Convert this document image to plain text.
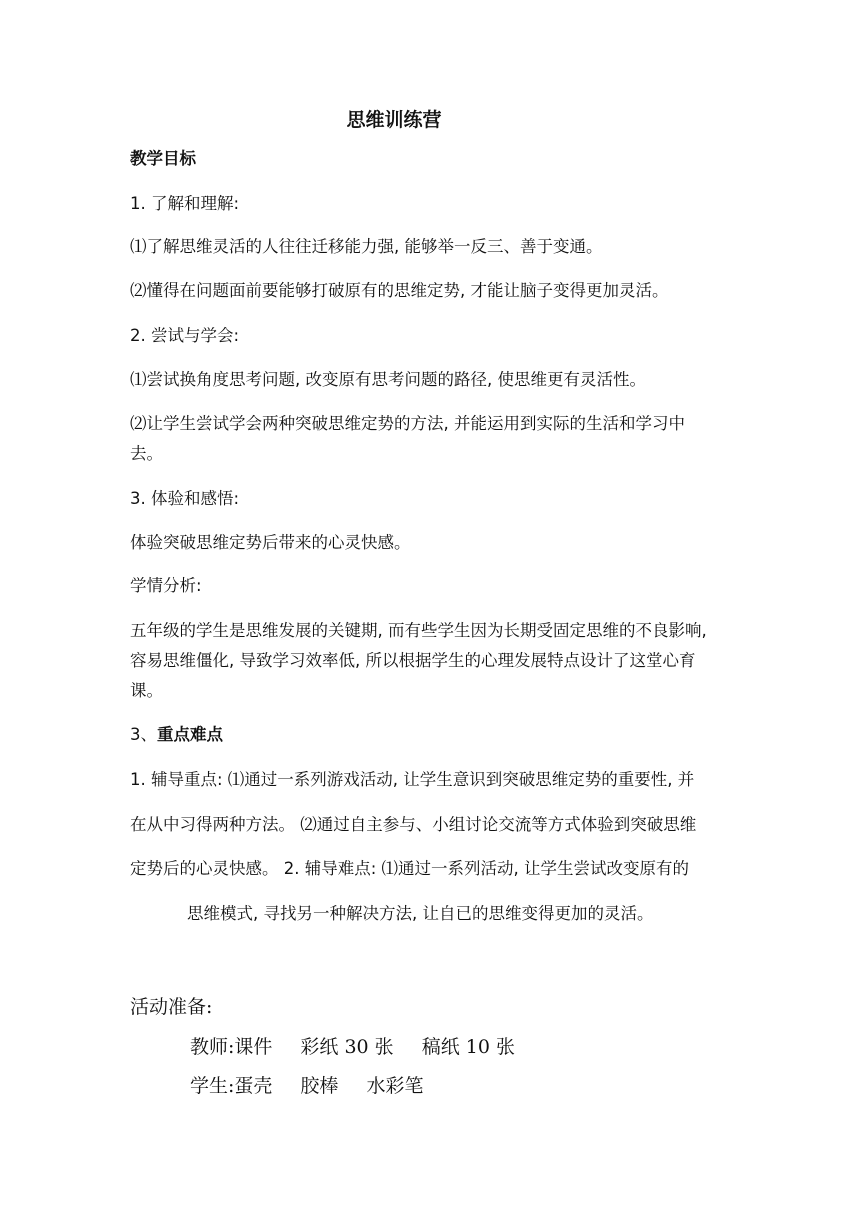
思维训练营
教学目标
1. 了解和理解:
⑴了解思维灵活的人往往迁移能力强, 能够举一反三、善于变通。
⑵懂得在问题面前要能够打破原有的思维定势, 才能让脑子变得更加灵活。
2. 尝试与学会:
⑴尝试换角度思考问题, 改变原有思考问题的路径, 使思维更有灵活性。
⑵让学生尝试学会两种突破思维定势的方法, 并能运用到实际的生活和学习中
去。
3. 体验和感悟:
体验突破思维定势后带来的心灵快感。
学情分析:
五年级的学生是思维发展的关键期, 而有些学生因为长期受固定思维的不良影响,
容易思维僵化, 导致学习效率低, 所以根据学生的心理发展特点设计了这堂心育
课。
3、重点难点
1. 辅导重点: ⑴通过一系列游戏活动, 让学生意识到突破思维定势的重要性, 并
在从中习得两种方法。 ⑵通过自主参与、小组讨论交流等方式体验到突破思维
定势后的心灵快感。 2. 辅导难点: ⑴通过一系列活动, 让学生尝试改变原有的
思维模式, 寻找另一种解决方法, 让自已的思维变得更加的灵活。
活动准备:
教师:课件 彩纸 30 张 稿纸 10 张
学生:蛋壳 胶棒 水彩笔
